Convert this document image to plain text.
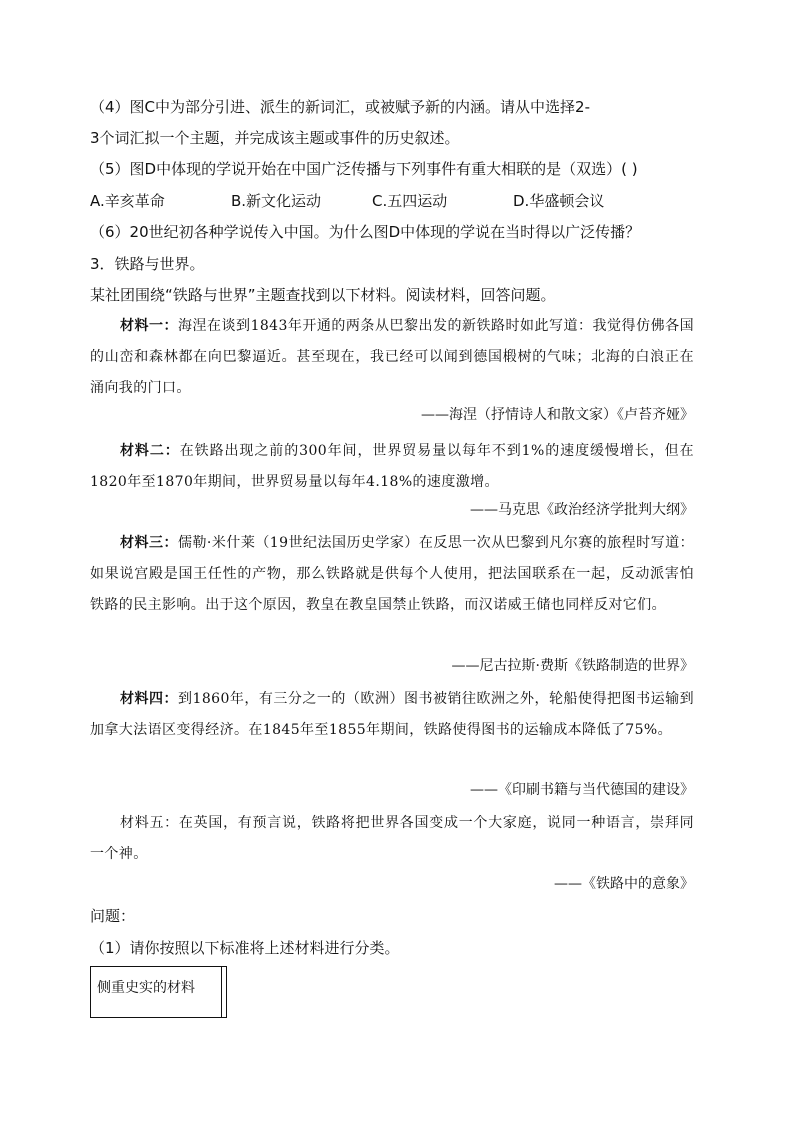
（4）图C中为部分引进、派生的新词汇，或被赋予新的内涵。请从中选择2-
3个词汇拟一个主题，并完成该主题或事件的历史叙述。
（5）图D中体现的学说开始在中国广泛传播与下列事件有重大相联的是（双选）( )
A.辛亥革命	B.新文化运动	C.五四运动	D.华盛顿会议
（6）20世纪初各种学说传入中国。为什么图D中体现的学说在当时得以广泛传播？
3．铁路与世界。
某社团围绕“铁路与世界”主题查找到以下材料。阅读材料，回答问题。
材料一：海涅在谈到1843年开通的两条从巴黎出发的新铁路时如此写道：我觉得仿佛各国的山峦和森林都在向巴黎逼近。甚至现在，我已经可以闻到德国椴树的气味；北海的白浪正在涌向我的门口。
——海涅（抒情诗人和散文家）《卢苔齐娅》
材料二：在铁路出现之前的300年间，世界贸易量以每年不到1%的速度缓慢增长，但在1820年至1870年期间，世界贸易量以每年4.18%的速度激增。
——马克思《政治经济学批判大纲》
材料三：儒勒·米什莱（19世纪法国历史学家）在反思一次从巴黎到凡尔赛的旅程时写道：如果说宫殿是国王任性的产物，那么铁路就是供每个人使用，把法国联系在一起，反动派害怕铁路的民主影响。出于这个原因，教皇在教皇国禁止铁路，而汉诺威王储也同样反对它们。
——尼古拉斯·费斯《铁路制造的世界》
材料四：到1860年，有三分之一的（欧洲）图书被销往欧洲之外，轮船使得把图书运输到加拿大法语区变得经济。在1845年至1855年期间，铁路使得图书的运输成本降低了75%。
——《印刷书籍与当代德国的建设》
材料五：在英国，有预言说，铁路将把世界各国变成一个大家庭，说同一种语言，崇拜同一个神。
——《铁路中的意象》
问题：
（1）请你按照以下标准将上述材料进行分类。
侧重史实的材料	
